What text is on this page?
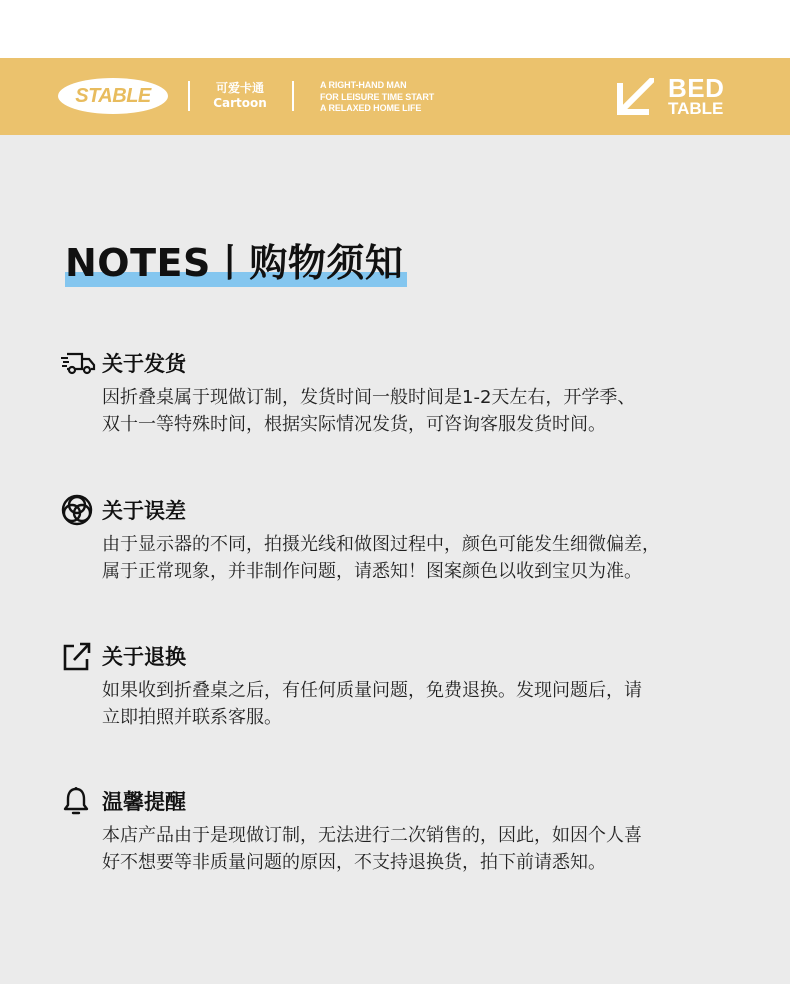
STABLE	可爱卡通
Cartoon
A RIGHT-HAND MAN
FOR LEISURE TIME START
A RELAXED HOME LIFE
BED
TABLE
NOTES丨购物须知
关于发货
因折叠桌属于现做订制，发货时间一般时间是1-2天左右，开学季、
双十一等特殊时间，根据实际情况发货，可咨询客服发货时间。
关于误差
由于显示器的不同，拍摄光线和做图过程中，颜色可能发生细微偏差，
属于正常现象，并非制作问题，请悉知！图案颜色以收到宝贝为准。
关于退换
如果收到折叠桌之后，有任何质量问题，免费退换。发现问题后，请
立即拍照并联系客服。
温馨提醒
本店产品由于是现做订制，无法进行二次销售的，因此，如因个人喜
好不想要等非质量问题的原因，不支持退换货，拍下前请悉知。
